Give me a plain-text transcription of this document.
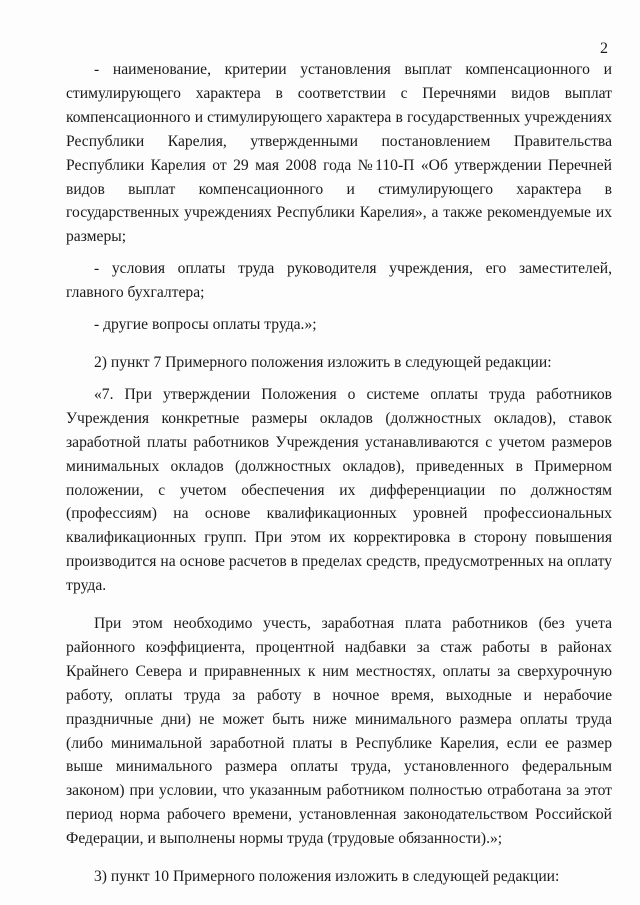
2

- наименование, критерии установления выплат компенсационного и стимулирующего характера в соответствии с Перечнями видов выплат компенсационного и стимулирующего характера в государственных учреждениях Республики Карелия, утвержденными постановлением Правительства Республики Карелия от 29 мая 2008 года №110-П «Об утверждении Перечней видов выплат компенсационного и стимулирующего характера в государственных учреждениях Республики Карелия», а также рекомендуемые их размеры;

- условия оплаты труда руководителя учреждения, его заместителей, главного бухгалтера;

- другие вопросы оплаты труда.»;

2) пункт 7 Примерного положения изложить в следующей редакции:

«7. При утверждении Положения о системе оплаты труда работников Учреждения конкретные размеры окладов (должностных окладов), ставок заработной платы работников Учреждения устанавливаются с учетом размеров минимальных окладов (должностных окладов), приведенных в Примерном положении, с учетом обеспечения их дифференциации по должностям (профессиям) на основе квалификационных уровней профессиональных квалификационных групп. При этом их корректировка в сторону повышения производится на основе расчетов в пределах средств, предусмотренных на оплату труда.

При этом необходимо учесть, заработная плата работников (без учета районного коэффициента, процентной надбавки за стаж работы в районах Крайнего Севера и приравненных к ним местностях, оплаты за сверхурочную работу, оплаты труда за работу в ночное время, выходные и нерабочие праздничные дни) не может быть ниже минимального размера оплаты труда (либо минимальной заработной платы в Республике Карелия, если ее размер выше минимального размера оплаты труда, установленного федеральным законом) при условии, что указанным работником полностью отработана за этот период норма рабочего времени, установленная законодательством Российской Федерации, и выполнены нормы труда (трудовые обязанности).»;

3) пункт 10 Примерного положения изложить в следующей редакции:
